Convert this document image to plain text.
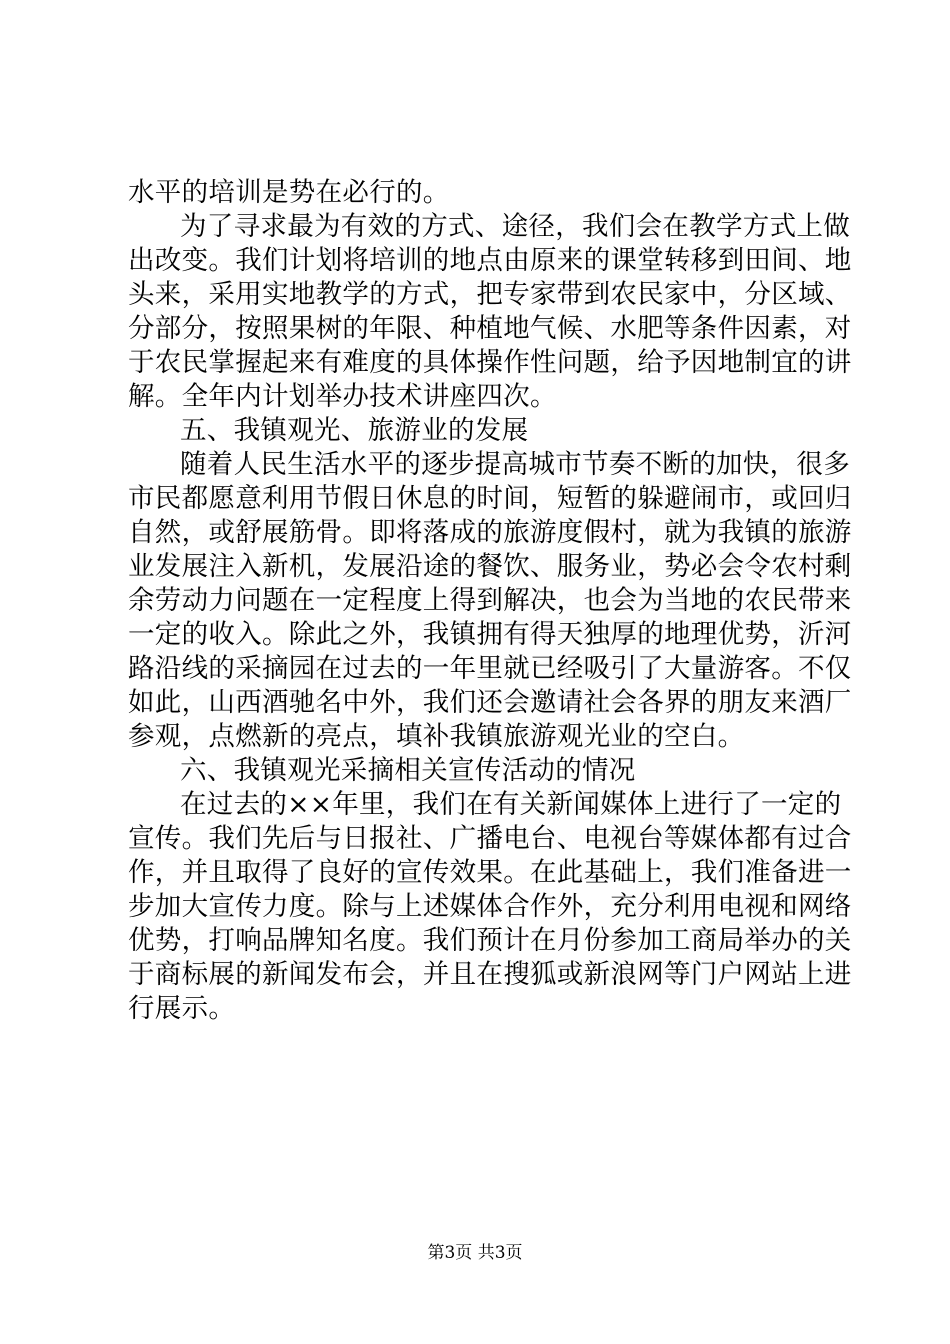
水平的培训是势在必行的。
为了寻求最为有效的方式、途径，我们会在教学方式上做
出改变。我们计划将培训的地点由原来的课堂转移到田间、地
头来，采用实地教学的方式，把专家带到农民家中，分区域、
分部分，按照果树的年限、种植地气候、水肥等条件因素，对
于农民掌握起来有难度的具体操作性问题，给予因地制宜的讲
解。全年内计划举办技术讲座四次。
五、我镇观光、旅游业的发展
随着人民生活水平的逐步提高城市节奏不断的加快，很多
市民都愿意利用节假日休息的时间，短暂的躲避闹市，或回归
自然，或舒展筋骨。即将落成的旅游度假村，就为我镇的旅游
业发展注入新机，发展沿途的餐饮、服务业，势必会令农村剩
余劳动力问题在一定程度上得到解决，也会为当地的农民带来
一定的收入。除此之外，我镇拥有得天独厚的地理优势，沂河
路沿线的采摘园在过去的一年里就已经吸引了大量游客。不仅
如此，山西酒驰名中外，我们还会邀请社会各界的朋友来酒厂
参观，点燃新的亮点，填补我镇旅游观光业的空白。
六、我镇观光采摘相关宣传活动的情况
在过去的××年里，我们在有关新闻媒体上进行了一定的
宣传。我们先后与日报社、广播电台、电视台等媒体都有过合
作，并且取得了良好的宣传效果。在此基础上，我们准备进一
步加大宣传力度。除与上述媒体合作外，充分利用电视和网络
优势，打响品牌知名度。我们预计在月份参加工商局举办的关
于商标展的新闻发布会，并且在搜狐或新浪网等门户网站上进
行展示。
第3页 共3页
